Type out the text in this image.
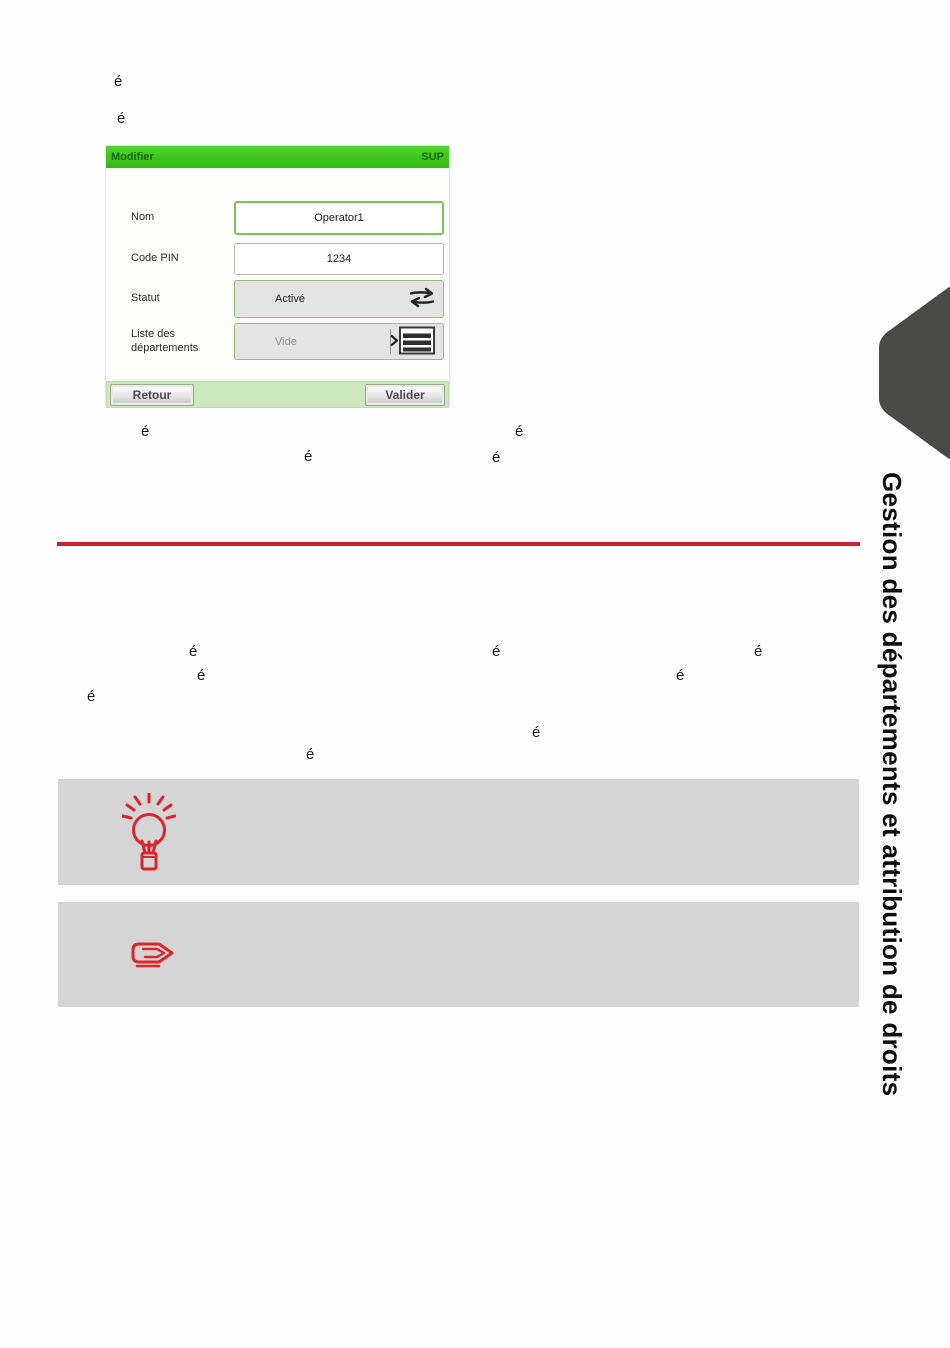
é
é
é	é
é	é
é	é	é
é	é
é
é
é
Modifier	SUP
Nom	Operator1
Code PIN	1234
Statut	Activé
Liste des départements	Vide
Retour	Valider
Gestion des départements et attribution de droits
